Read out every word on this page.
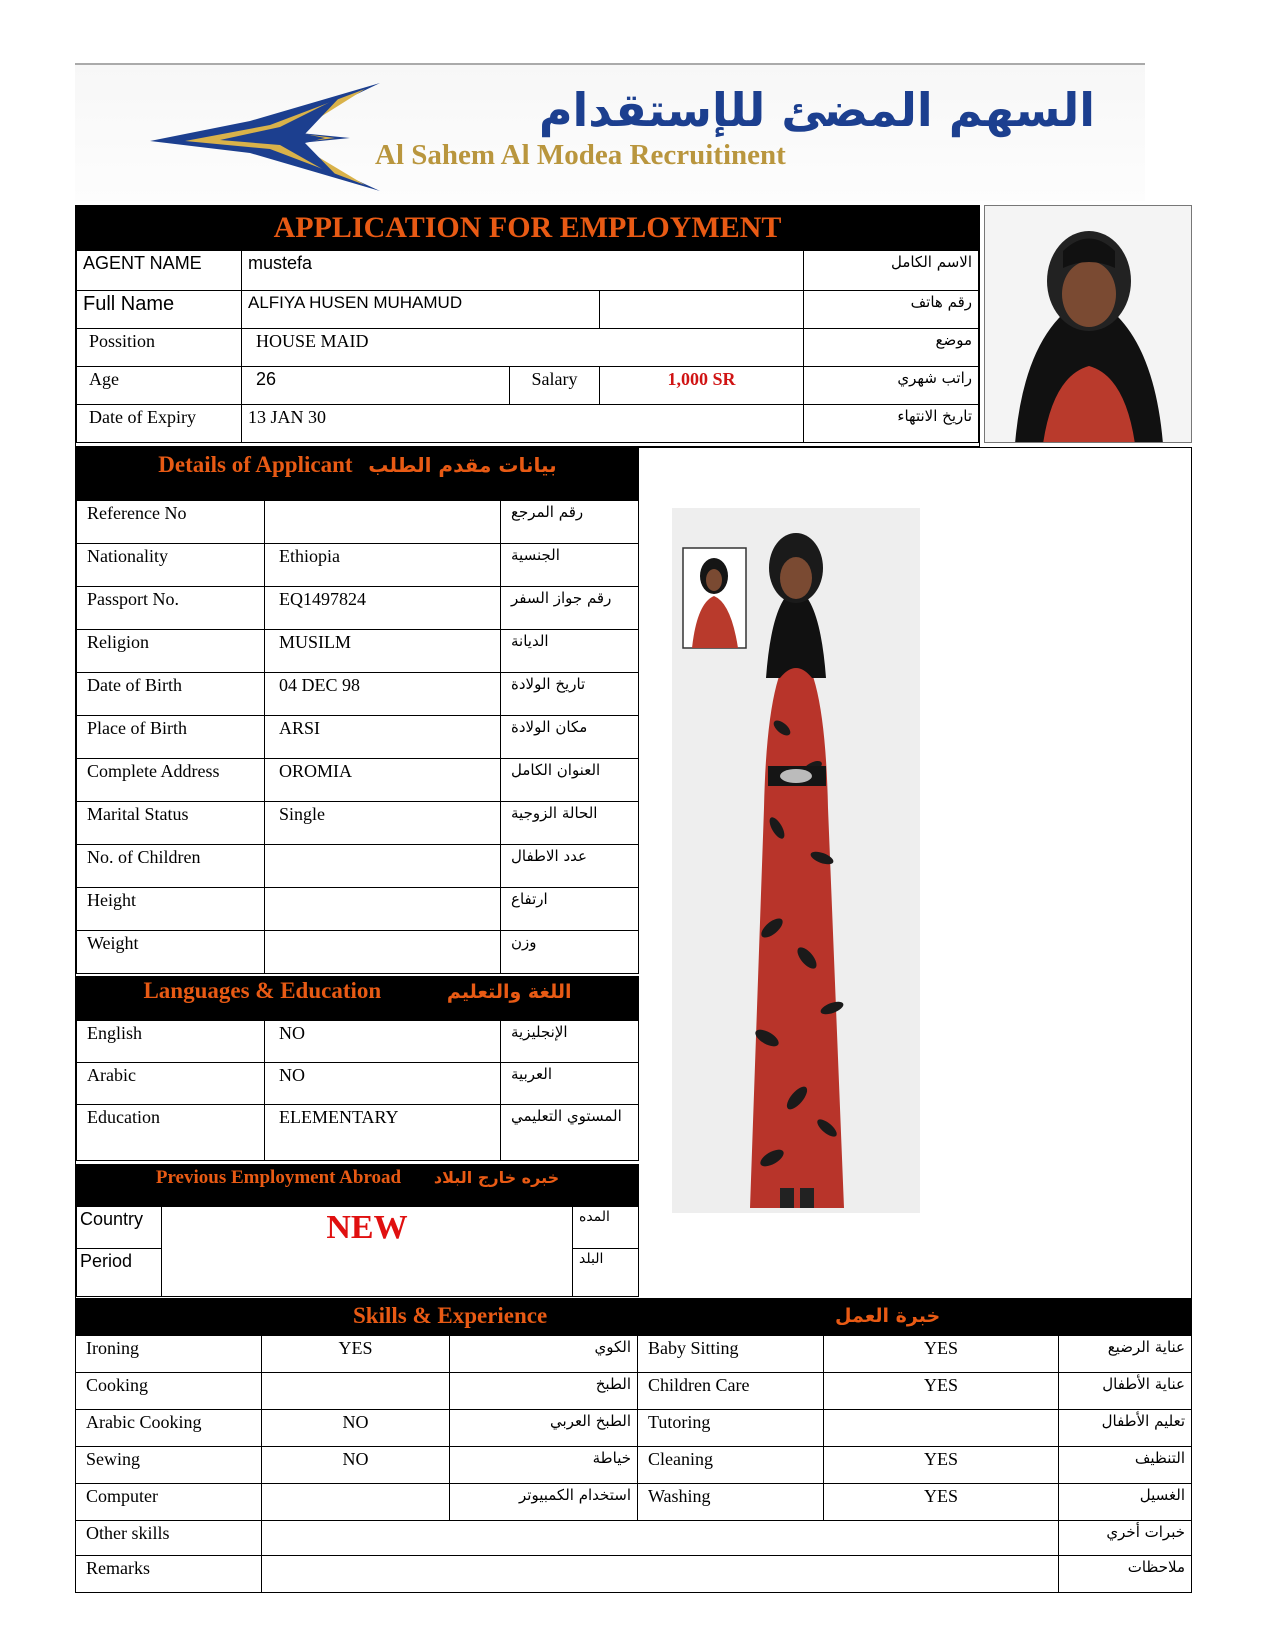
السهم المضئ للإستقدام
Al Sahem Al Modea Recruitinent
APPLICATION FOR EMPLOYMENT
AGENT NAME	mustefa			الاسم الكامل
Full Name	ALFIYA HUSEN MUHAMUD			رقم هاتف
Possition	HOUSE MAID			موضع
Age	26	Salary	1,000 SR	راتب شهري
Date of Expiry	13 JAN 30			تاريخ الانتهاء
Details of Applicant بيانات مقدم الطلب
Reference No		رقم المرجع
Nationality	Ethiopia	الجنسية
Passport No.	EQ1497824	رقم جواز السفر
Religion	MUSILM	الديانة
Date of Birth	04 DEC 98	تاريخ الولادة
Place of Birth	ARSI	مكان الولادة
Complete Address	OROMIA	العنوان الكامل
Marital Status	Single	الحالة الزوجية
No. of Children		عدد الاطفال
Height		ارتفاع
Weight		وزن
Languages & Education	اللغة والتعليم
English	NO	الإنجليزية
Arabic	NO	العربية
Education	ELEMENTARY	المستوي التعليمي
Previous Employment Abroad خبره خارج البلاد
Country	NEW	المده
Period		البلد
Skills & Experience	خبرة العمل
Ironing	YES	الكوي	Baby Sitting	YES	عناية الرضيع
Cooking		الطبخ	Children Care	YES	عناية الأطفال
Arabic Cooking	NO	الطبخ العربي	Tutoring		تعليم الأطفال
Sewing	NO	خياطة	Cleaning	YES	التنظيف
Computer		استخدام الكمبيوتر	Washing	YES	الغسيل
Other skills					خبرات أخري
Remarks					ملاحظات
